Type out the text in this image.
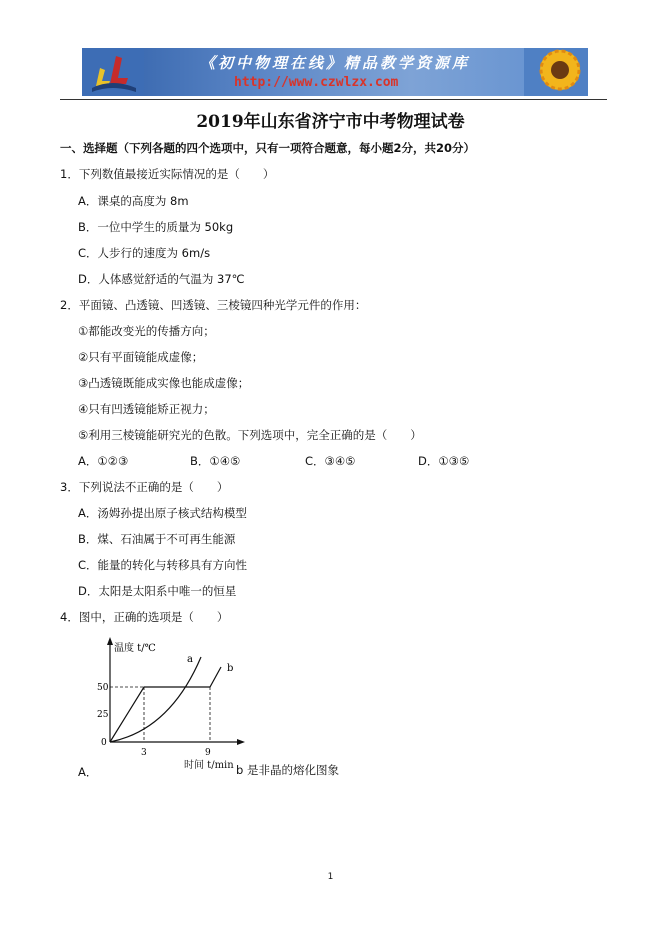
《初中物理在线》精品教学资源库
http://www.czwlzx.com
2019年山东省济宁市中考物理试卷
一、选择题（下列各题的四个选项中，只有一项符合题意，每小题2分，共20分）
1．下列数值最接近实际情况的是（　　）
A．课桌的高度为 8m
B．一位中学生的质量为 50kg
C．人步行的速度为 6m/s
D．人体感觉舒适的气温为 37℃
2．平面镜、凸透镜、凹透镜、三棱镜四种光学元件的作用：
①都能改变光的传播方向；
②只有平面镜能成虚像；
③凸透镜既能成实像也能成虚像；
④只有凹透镜能矫正视力；
⑤利用三棱镜能研究光的色散。下列选项中，完全正确的是（　　）
A．①②③	B．①④⑤	C．③④⑤	D．①③⑤
3．下列说法不正确的是（　　）
A．汤姆孙提出原子核式结构模型
B．煤、石油属于不可再生能源
C．能量的转化与转移具有方向性
D．太阳是太阳系中唯一的恒星
4．图中，正确的选项是（　　）
温度 t/℃
50
25
0
3	9
a
b
A．	时间 t/min b 是非晶的熔化图象
1
